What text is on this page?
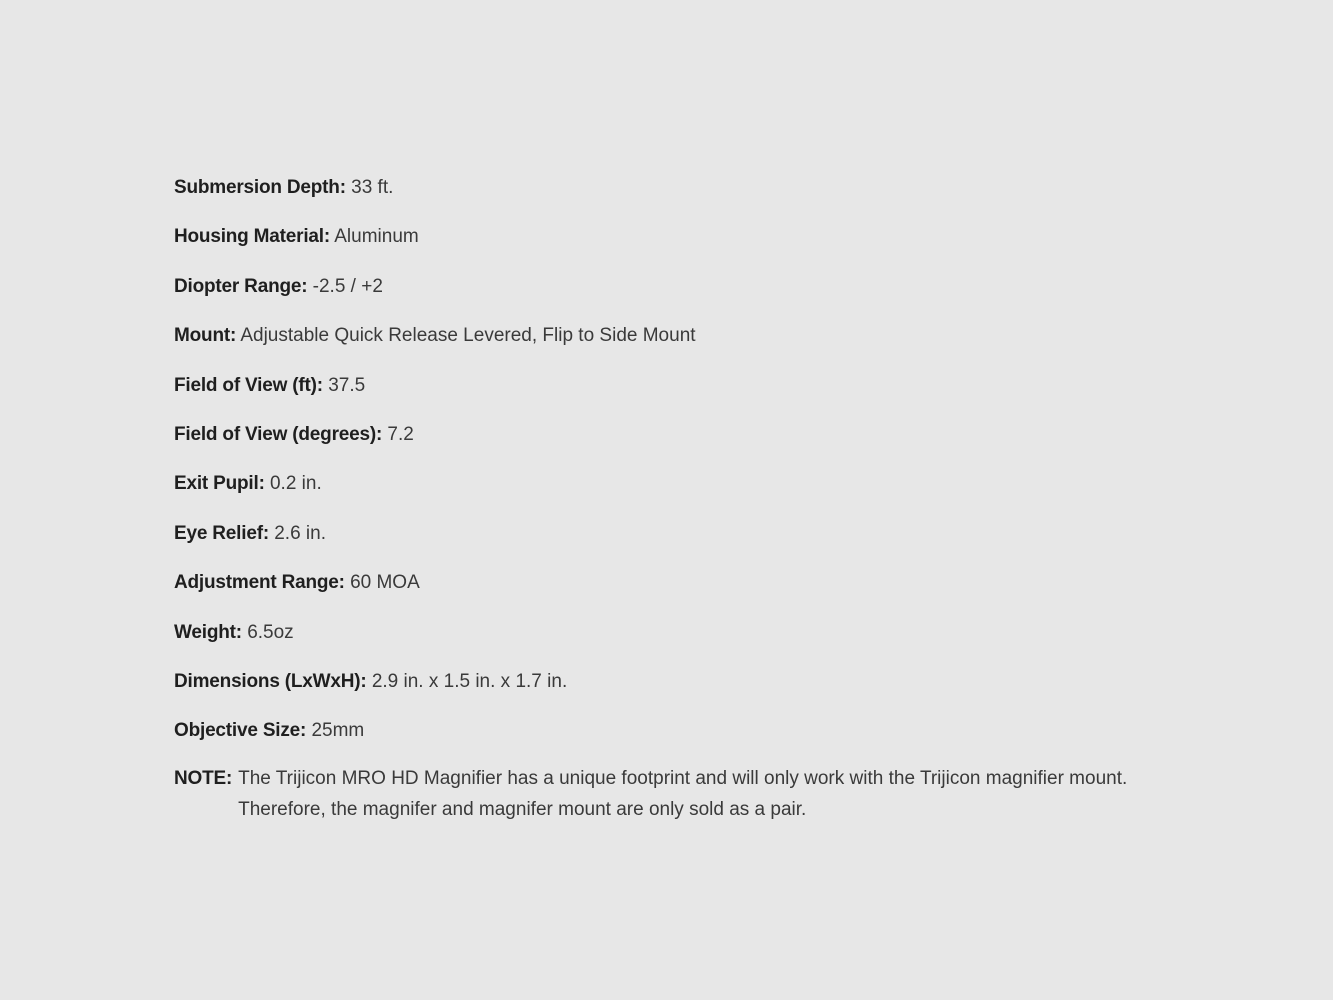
Submersion Depth: 33 ft.
Housing Material: Aluminum
Diopter Range: -2.5 / +2
Mount: Adjustable Quick Release Levered, Flip to Side Mount
Field of View (ft): 37.5
Field of View (degrees): 7.2
Exit Pupil: 0.2 in.
Eye Relief: 2.6 in.
Adjustment Range: 60 MOA
Weight: 6.5oz
Dimensions (LxWxH): 2.9 in. x 1.5 in. x 1.7 in.
Objective Size: 25mm
NOTE: The Trijicon MRO HD Magnifier has a unique footprint and will only work with the Trijicon magnifier mount.
Therefore, the magnifer and magnifer mount are only sold as a pair.
